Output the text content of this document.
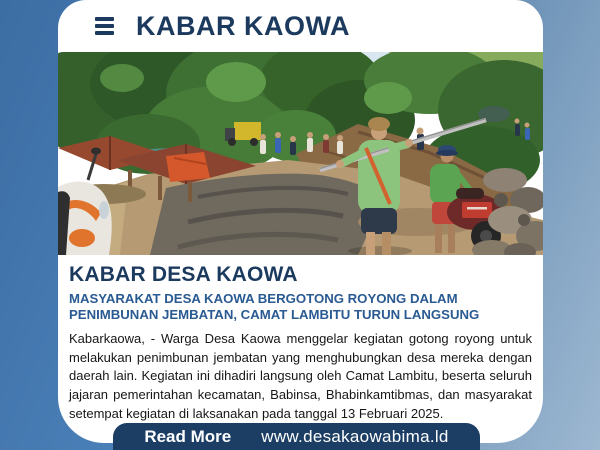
KABAR KAOWA
KABAR DESA KAOWA
MASYARAKAT DESA KAOWA BERGOTONG ROYONG DALAM
PENIMBUNAN JEMBATAN, CAMAT LAMBITU TURUN LANGSUNG

Kabarkaowa, - Warga Desa Kaowa menggelar kegiatan gotong royong untuk melakukan penimbunan jembatan yang menghubungkan desa mereka dengan daerah lain. Kegiatan ini dihadiri langsung oleh Camat Lambitu, beserta seluruh jajaran pemerintahan kecamatan, Babinsa, Bhabinkamtibmas, dan masyarakat setempat kegiatan di laksanakan pada tanggal 13 Februari 2025.

Read More www.desakaowabima.ld
